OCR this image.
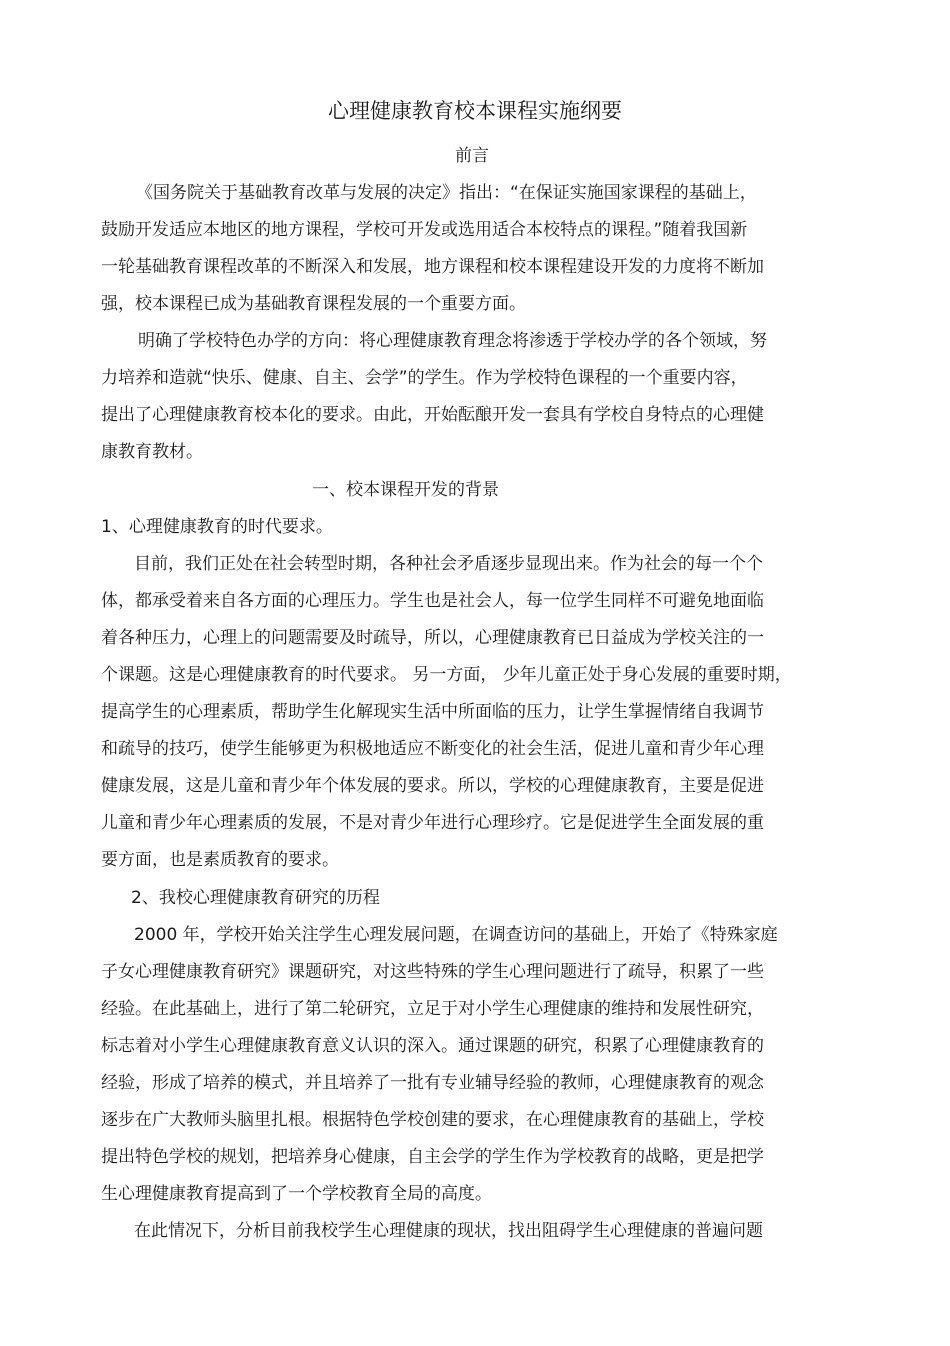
心理健康教育校本课程实施纲要
前言
《国务院关于基础教育改革与发展的决定》指出：“在保证实施国家课程的基础上，
鼓励开发适应本地区的地方课程，学校可开发或选用适合本校特点的课程。”随着我国新
一轮基础教育课程改革的不断深入和发展，地方课程和校本课程建设开发的力度将不断加
强，校本课程已成为基础教育课程发展的一个重要方面。
明确了学校特色办学的方向：将心理健康教育理念将渗透于学校办学的各个领域，努
力培养和造就“快乐、健康、自主、会学”的学生。作为学校特色课程的一个重要内容，
提出了心理健康教育校本化的要求。由此，开始酝酿开发一套具有学校自身特点的心理健
康教育教材。
一、校本课程开发的背景
1、心理健康教育的时代要求。
目前，我们正处在社会转型时期，各种社会矛盾逐步显现出来。作为社会的每一个个
体，都承受着来自各方面的心理压力。学生也是社会人，每一位学生同样不可避免地面临
着各种压力，心理上的问题需要及时疏导，所以，心理健康教育已日益成为学校关注的一
个课题。这是心理健康教育的时代要求。 另一方面， 少年儿童正处于身心发展的重要时期，
提高学生的心理素质，帮助学生化解现实生活中所面临的压力，让学生掌握情绪自我调节
和疏导的技巧，使学生能够更为积极地适应不断变化的社会生活，促进儿童和青少年心理
健康发展，这是儿童和青少年个体发展的要求。所以，学校的心理健康教育，主要是促进
儿童和青少年心理素质的发展，不是对青少年进行心理珍疗。它是促进学生全面发展的重
要方面，也是素质教育的要求。
2、我校心理健康教育研究的历程
2000 年，学校开始关注学生心理发展问题，在调查访问的基础上，开始了《特殊家庭
子女心理健康教育研究》课题研究，对这些特殊的学生心理问题进行了疏导，积累了一些
经验。在此基础上，进行了第二轮研究，立足于对小学生心理健康的维持和发展性研究，
标志着对小学生心理健康教育意义认识的深入。通过课题的研究，积累了心理健康教育的
经验，形成了培养的模式，并且培养了一批有专业辅导经验的教师，心理健康教育的观念
逐步在广大教师头脑里扎根。根据特色学校创建的要求，在心理健康教育的基础上，学校
提出特色学校的规划，把培养身心健康，自主会学的学生作为学校教育的战略，更是把学
生心理健康教育提高到了一个学校教育全局的高度。
在此情况下，分析目前我校学生心理健康的现状，找出阻碍学生心理健康的普遍问题
